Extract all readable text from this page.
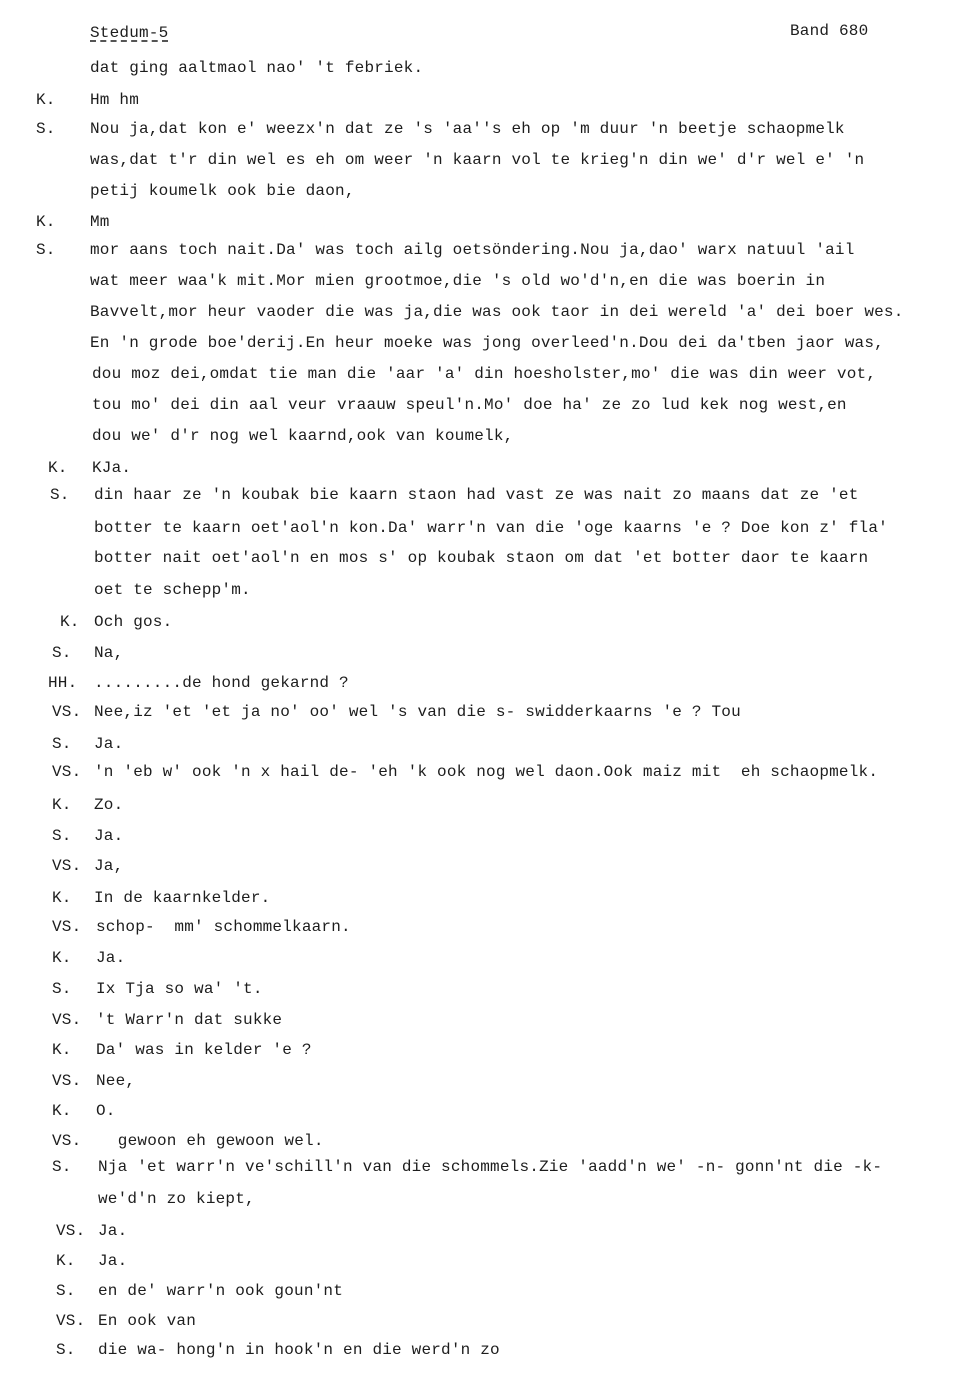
Stedum-5	Band 680
dat ging aaltmaol nao' 't febriek.
K. Hm hm
S. Nou ja,dat kon e' weezx'n dat ze 's 'aa''s eh op 'm duur 'n beetje schaopmelk
was,dat t'r din wel es eh om weer 'n kaarn vol te krieg'n din we' d'r wel e' 'n
petij koumelk ook bie daon,
K. Mm
S. mor aans toch nait.Da' was toch ailg oetsöndering.Nou ja,dao' warx natuul 'ail
wat meer waa'k mit.Mor mien grootmoe,die 's old wo'd'n,en die was boerin in
Bavvelt,mor heur vaoder die was ja,die was ook taor in dei wereld 'a' dei boer wes.
En 'n grode boe'derij.En heur moeke was jong overleed'n.Dou dei da'tben jaor was,
dou moz dei,omdat tie man die 'aar 'a' din hoesholster,mo' die was din weer vot,
tou mo' dei din aal veur vraauw speul'n.Mo' doe ha' ze zo lud kek nog west,en
dou we' d'r nog wel kaarnd,ook van koumelk,
K. KJa.
S. din haar ze 'n koubak bie kaarn staon had vast ze was nait zo maans dat ze 'et
botter te kaarn oet'aol'n kon.Da' warr'n van die 'oge kaarns 'e ? Doe kon z' fla'
botter nait oet'aol'n en mos s' op koubak staon om dat 'et botter daor te kaarn
oet te schepp'm.
K. Och gos.
S. Na,
HH. .........de hond gekarnd ?
VS. Nee,iz 'et 'et ja no' oo' wel 's van die s- swidderkaarns 'e ? Tou
S. Ja.
VS. 'n 'eb w' ook 'n x hail de- 'eh 'k ook nog wel daon.Ook maiz mit  eh schaopmelk.
K. Zo.
S. Ja.
VS. Ja,
K. In de kaarnkelder.
VS. schop-  mm' schommelkaarn.
K. Ja.
S. Ix Tja so wa' 't.
VS. 't Warr'n dat sukke
K. Da' was in kelder 'e ?
VS. Nee,
K. O.
VS. gewoon eh gewoon wel.
S. Nja 'et warr'n ve'schill'n van die schommels.Zie 'aadd'n we' -n- gonn'nt die -k-
we'd'n zo kiept,
VS. Ja.
K. Ja.
S. en de' warr'n ook goun'nt
VS. En ook van
S. die wa- hong'n in hook'n en die werd'n zo
